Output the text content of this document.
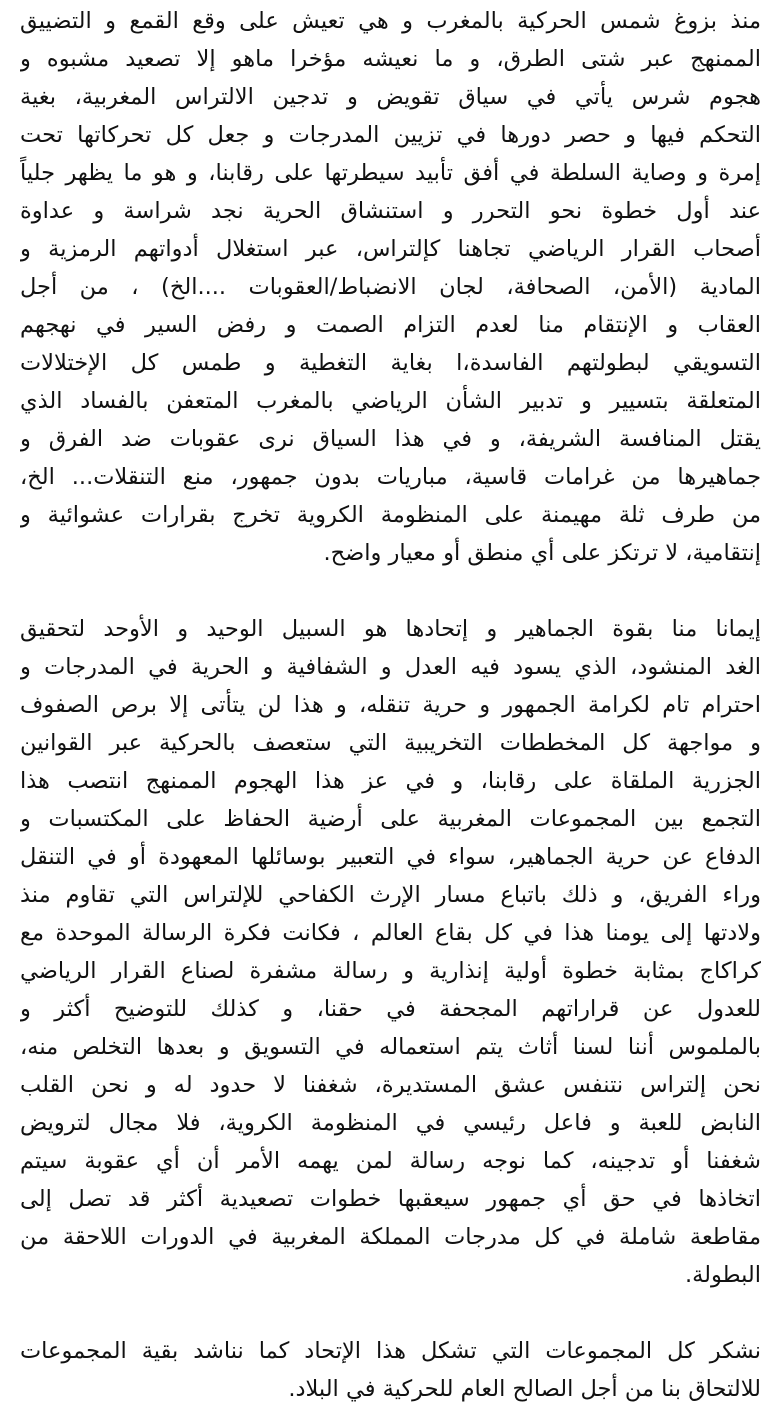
منذ بزوغ شمس الحركية بالمغرب و هي تعيش على وقع القمع و التضييق
الممنهج عبر شتى الطرق، و ما نعيشه مؤخرا ماهو إلا تصعيد مشبوه و
هجوم شرس يأتي في سياق تقويض و تدجين الالتراس المغربية، بغية
التحكم فيها و حصر دورها في تزيين المدرجات و جعل كل تحركاتها تحت
إمرة و وصاية السلطة في أفق تأبيد سيطرتها على رقابنا، و هو ما يظهر جلياً
عند أول خطوة نحو التحرر و استنشاق الحرية نجد شراسة و عداوة
أصحاب القرار الرياضي تجاهنا كإلتراس، عبر استغلال أدواتهم الرمزية و
المادية (الأمن، الصحافة، لجان الانضباط/العقوبات ....الخ) ، من أجل
العقاب و الإنتقام منا لعدم التزام الصمت و رفض السير في نهجهم
التسويقي لبطولتهم الفاسدة،ا بغاية التغطية و طمس كل الإختلالات
المتعلقة بتسيير و تدبير الشأن الرياضي بالمغرب المتعفن بالفساد الذي
يقتل المنافسة الشريفة، و في هذا السياق نرى عقوبات ضد الفرق و
جماهيرها من غرامات قاسية، مباريات بدون جمهور، منع التنقلات... الخ،
من طرف ثلة مهيمنة على المنظومة الكروية تخرج بقرارات عشوائية و
إنتقامية، لا ترتكز على أي منطق أو معيار واضح.
إيمانا منا بقوة الجماهير و إتحادها هو السبيل الوحيد و الأوحد لتحقيق
الغد المنشود، الذي يسود فيه العدل و الشفافية و الحرية في المدرجات و
احترام تام لكرامة الجمهور و حرية تنقله، و هذا لن يتأتى إلا برص الصفوف
و مواجهة كل المخططات التخريبية التي ستعصف بالحركية عبر القوانين
الجزرية الملقاة على رقابنا، و في عز هذا الهجوم الممنهج انتصب هذا
التجمع بين المجموعات المغربية على أرضية الحفاظ على المكتسبات و
الدفاع عن حرية الجماهير، سواء في التعبير بوسائلها المعهودة أو في التنقل
وراء الفريق، و ذلك باتباع مسار الإرث الكفاحي للإلتراس التي تقاوم منذ
ولادتها إلى يومنا هذا في كل بقاع العالم ، فكانت فكرة الرسالة الموحدة مع
كراكاج بمثابة خطوة أولية إنذارية و رسالة مشفرة لصناع القرار الرياضي
للعدول عن قراراتهم المجحفة في حقنا، و كذلك للتوضيح أكثر و
بالملموس أننا لسنا أثاث يتم استعماله في التسويق و بعدها التخلص منه،
نحن إلتراس نتنفس عشق المستديرة، شغفنا لا حدود له و نحن القلب
النابض للعبة و فاعل رئيسي في المنظومة الكروية، فلا مجال لترويض
شغفنا أو تدجينه، كما نوجه رسالة لمن يهمه الأمر أن أي عقوبة سيتم
اتخاذها في حق أي جمهور سيعقبها خطوات تصعيدية أكثر قد تصل إلى
مقاطعة شاملة في كل مدرجات المملكة المغربية في الدورات اللاحقة من
البطولة.
نشكر كل المجموعات التي تشكل هذا الإتحاد كما نناشد بقية المجموعات
للالتحاق بنا من أجل الصالح العام للحركية في البلاد.
